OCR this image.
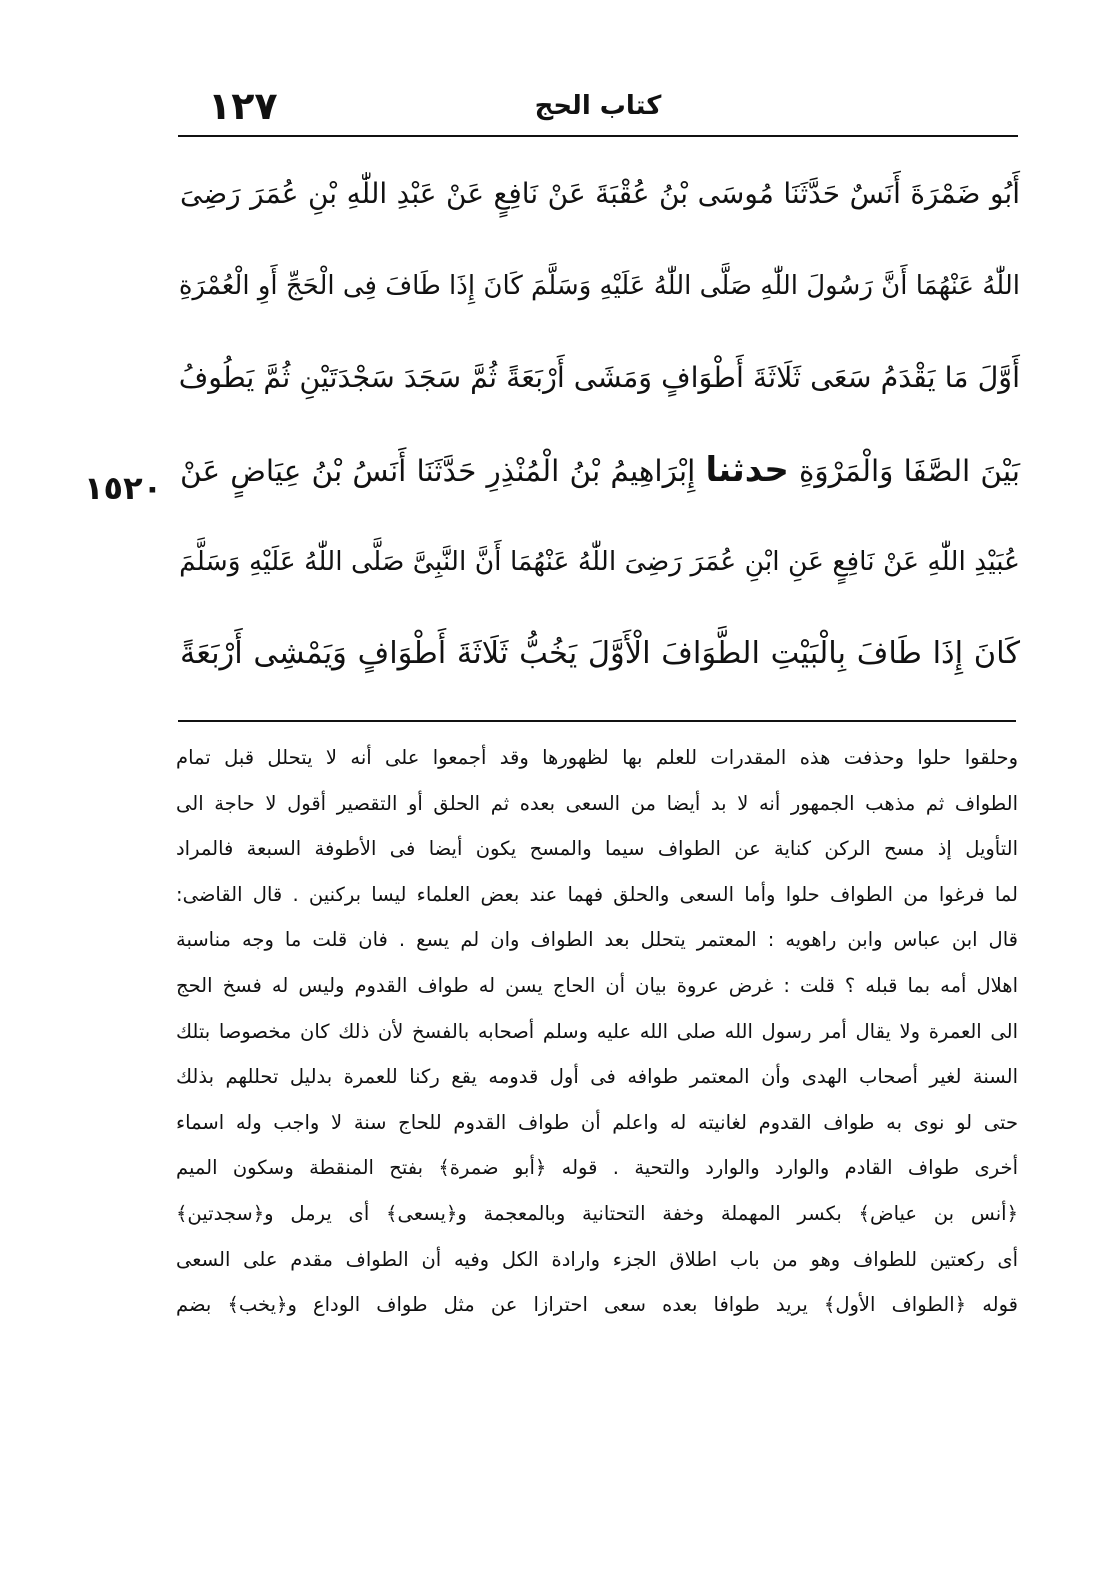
١٢٧	كتاب الحج
١٥٢٠
أَبُو ضَمْرَةَ أَنَسٌ حَدَّثَنَا مُوسَى بْنُ عُقْبَةَ عَنْ نَافِعٍ عَنْ عَبْدِ اللّٰهِ بْنِ عُمَرَ رَضِىَ
اللّٰهُ عَنْهُمَا أَنَّ رَسُولَ اللّٰهِ صَلَّى اللّٰهُ عَلَيْهِ وَسَلَّمَ كَانَ إِذَا طَافَ فِى الْحَجِّ أَوِ الْعُمْرَةِ
أَوَّلَ مَا يَقْدَمُ سَعَى ثَلَاثَةَ أَطْوَافٍ وَمَشَى أَرْبَعَةً ثُمَّ سَجَدَ سَجْدَتَيْنِ ثُمَّ يَطُوفُ
بَيْنَ الصَّفَا وَالْمَرْوَةِ حدثنا إِبْرَاهِيمُ بْنُ الْمُنْذِرِ حَدَّثَنَا أَنَسُ بْنُ عِيَاضٍ عَنْ
عُبَيْدِ اللّٰهِ عَنْ نَافِعٍ عَنِ ابْنِ عُمَرَ رَضِىَ اللّٰهُ عَنْهُمَا أَنَّ النَّبِىَّ صَلَّى اللّٰهُ عَلَيْهِ وَسَلَّمَ
كَانَ إِذَا طَافَ بِالْبَيْتِ الطَّوَافَ الْأَوَّلَ يَخُبُّ ثَلَاثَةَ أَطْوَافٍ وَيَمْشِى أَرْبَعَةً
وحلقوا حلوا وحذفت هذه المقدرات للعلم بها لظهورها وقد أجمعوا على أنه لا يتحلل قبل تمام
الطواف ثم مذهب الجمهور أنه لا بد أيضا من السعى بعده ثم الحلق أو التقصير أقول لا حاجة الى
التأويل إذ مسح الركن كناية عن الطواف سيما والمسح يكون أيضا فى الأطوفة السبعة فالمراد
لما فرغوا من الطواف حلوا وأما السعى والحلق فهما عند بعض العلماء ليسا بركنين . قال القاضى:
قال ابن عباس وابن راهويه : المعتمر يتحلل بعد الطواف وان لم يسع . فان قلت ما وجه مناسبة
اهلال أمه بما قبله ؟ قلت : غرض عروة بيان أن الحاج يسن له طواف القدوم وليس له فسخ الحج
الى العمرة ولا يقال أمر رسول الله صلى الله عليه وسلم أصحابه بالفسخ لأن ذلك كان مخصوصا بتلك
السنة لغير أصحاب الهدى وأن المعتمر طوافه فى أول قدومه يقع ركنا للعمرة بدليل تحللهم بذلك
حتى لو نوى به طواف القدوم لغانيته له واعلم أن طواف القدوم للحاج سنة لا واجب وله اسماء
أخرى طواف القادم والوارد والوارد والتحية . قوله ﴿أبو ضمرة﴾ بفتح المنقطة وسكون الميم
﴿أنس بن عياض﴾ بكسر المهملة وخفة التحتانية وبالمعجمة و﴿يسعى﴾ أى يرمل و﴿سجدتين﴾
أى ركعتين للطواف وهو من باب اطلاق الجزء وارادة الكل وفيه أن الطواف مقدم على السعى
قوله ﴿الطواف الأول﴾ يريد طوافا بعده سعى احترازا عن مثل طواف الوداع و﴿يخب﴾ بضم
